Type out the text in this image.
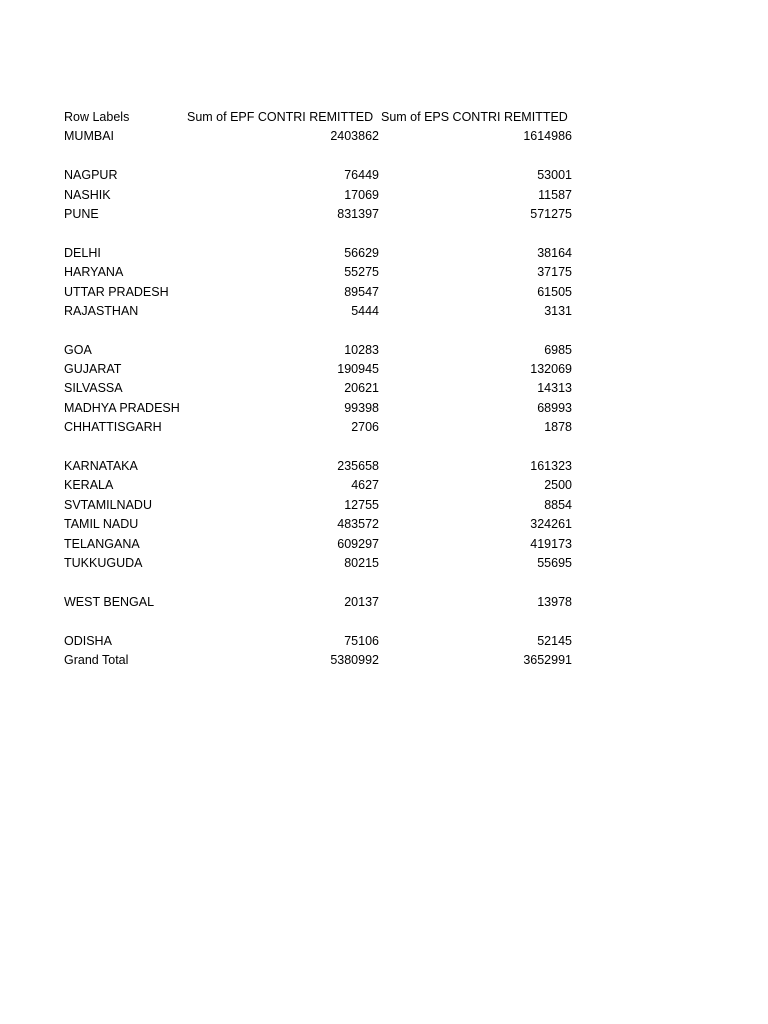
Row Labels	Sum of EPF CONTRI REMITTED Sum of EPS CONTRI REMITTED
MUMBAI	2403862	1614986
NAGPUR	76449	53001
NASHIK	17069	11587
PUNE	831397	571275
DELHI	56629	38164
HARYANA	55275	37175
UTTAR PRADESH	89547	61505
RAJASTHAN	5444	3131
GOA	10283	6985
GUJARAT	190945	132069
SILVASSA	20621	14313
MADHYA PRADESH	99398	68993
CHHATTISGARH	2706	1878
KARNATAKA	235658	161323
KERALA	4627	2500
SVTAMILNADU	12755	8854
TAMIL NADU	483572	324261
TELANGANA	609297	419173
TUKKUGUDA	80215	55695
WEST BENGAL	20137	13978
ODISHA	75106	52145
Grand Total	5380992	3652991
